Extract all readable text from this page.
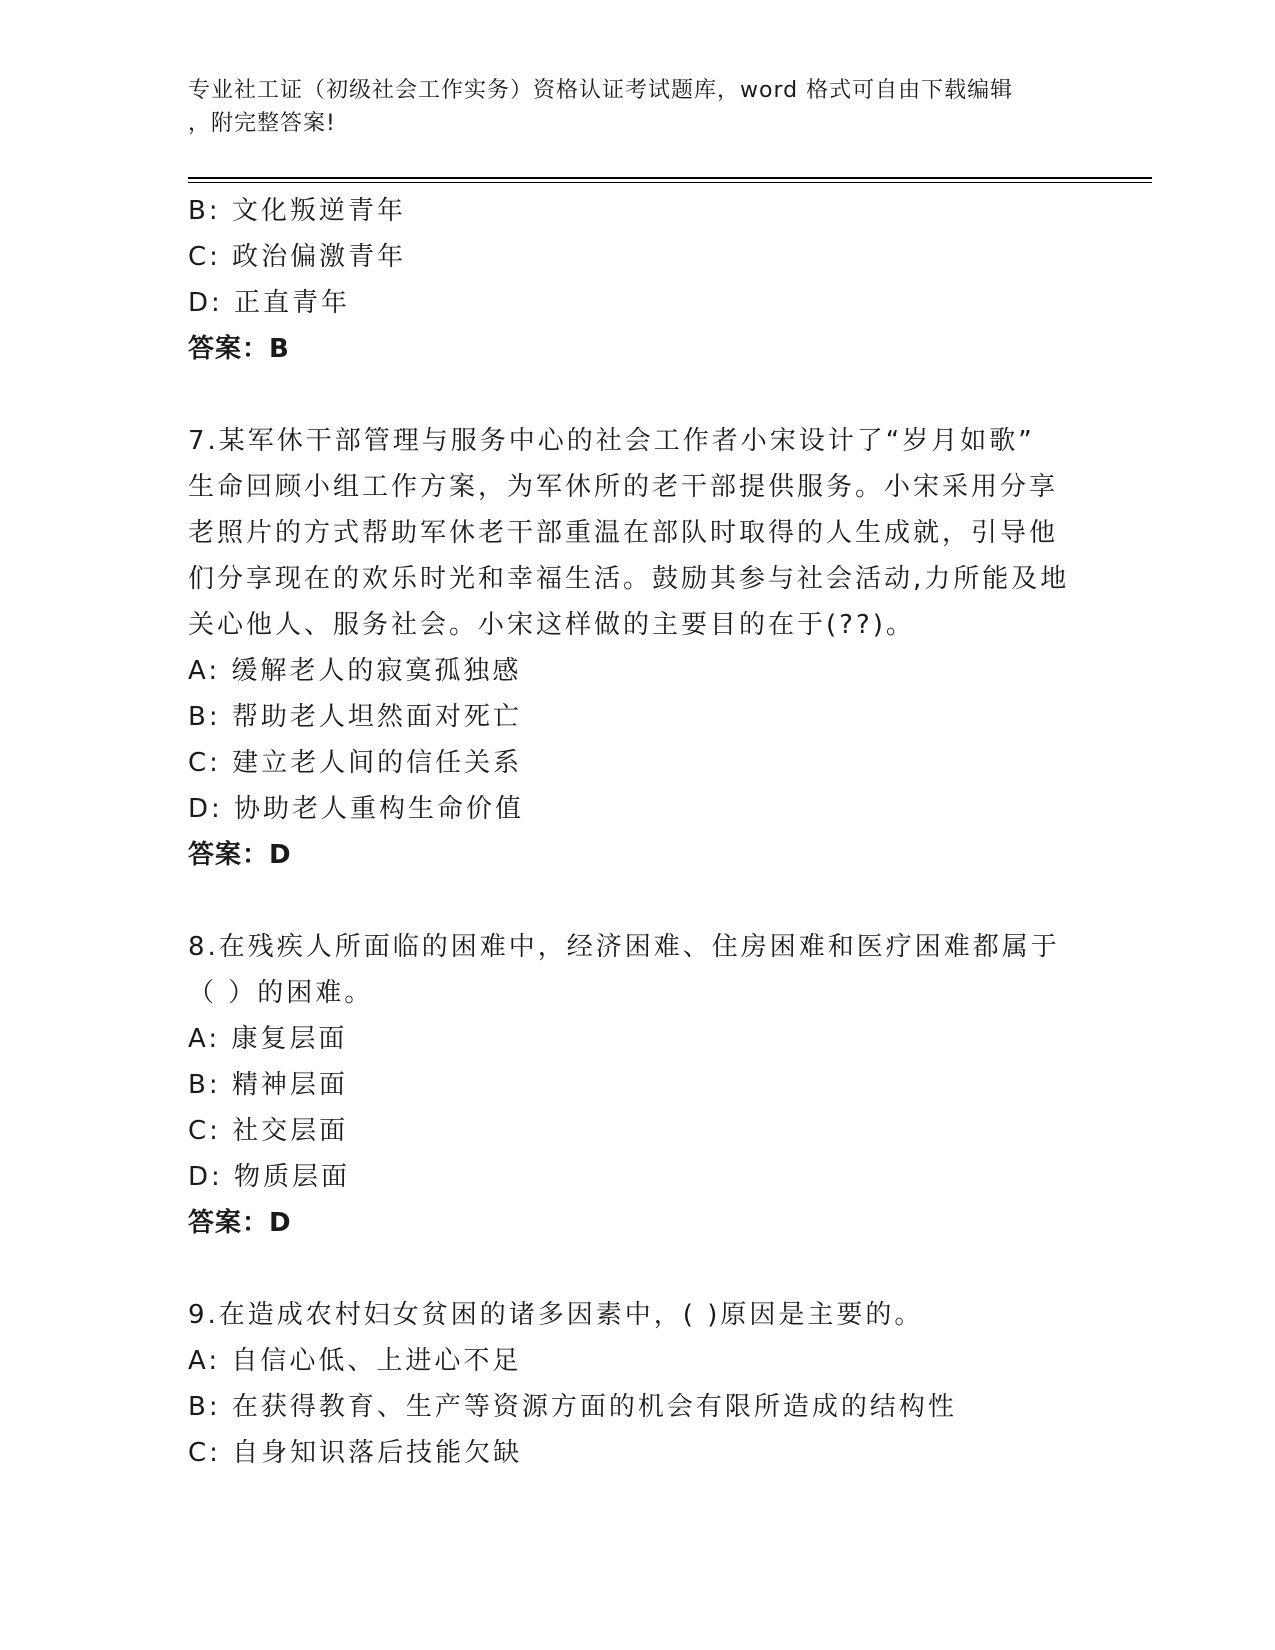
专业社工证（初级社会工作实务）资格认证考试题库，word 格式可自由下载编辑
，附完整答案!
B: 文化叛逆青年
C: 政治偏激青年
D: 正直青年
答案：B
7.某军休干部管理与服务中心的社会工作者小宋设计了“岁月如歌”
生命回顾小组工作方案，为军休所的老干部提供服务。小宋采用分享
老照片的方式帮助军休老干部重温在部队时取得的人生成就，引导他
们分享现在的欢乐时光和幸福生活。鼓励其参与社会活动,力所能及地
关心他人、服务社会。小宋这样做的主要目的在于(??)。
A: 缓解老人的寂寞孤独感
B: 帮助老人坦然面对死亡
C: 建立老人间的信任关系
D: 协助老人重构生命价值
答案：D
8.在残疾人所面临的困难中，经济困难、住房困难和医疗困难都属于
（ ）的困难。
A: 康复层面
B: 精神层面
C: 社交层面
D: 物质层面
答案：D
9.在造成农村妇女贫困的诸多因素中，( )原因是主要的。
A: 自信心低、上进心不足
B: 在获得教育、生产等资源方面的机会有限所造成的结构性
C: 自身知识落后技能欠缺
